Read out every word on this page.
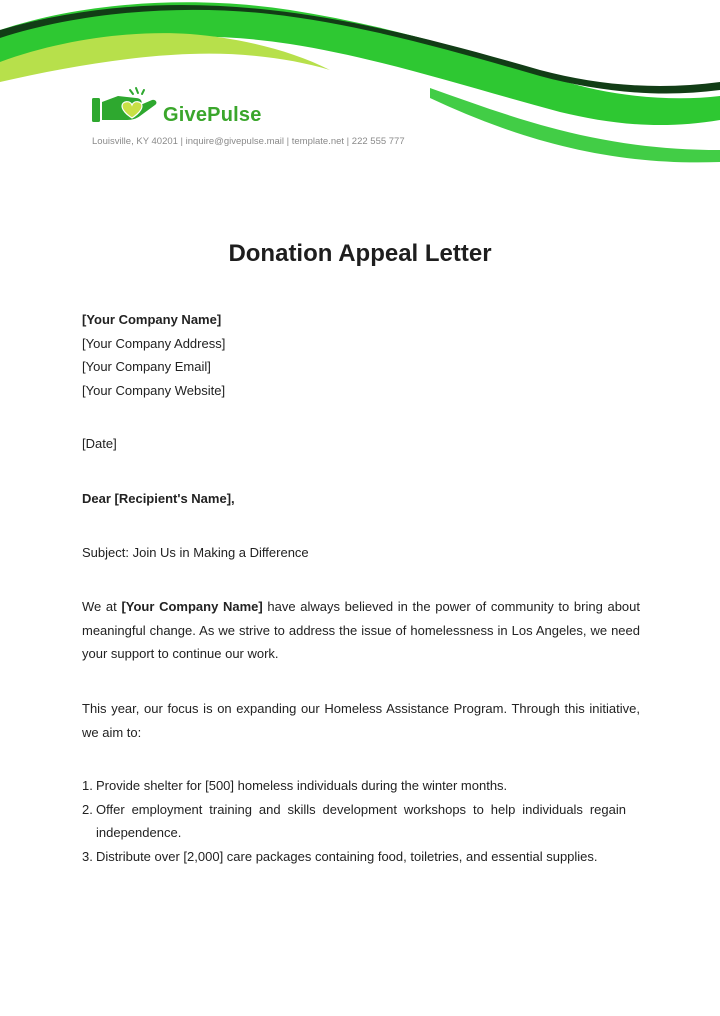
GivePulse
Louisville, KY 40201 | inquire@givepulse.mail | template.net | 222 555 777
Donation Appeal Letter
[Your Company Name]
[Your Company Address]
[Your Company Email]
[Your Company Website]
[Date]
Dear [Recipient's Name],
Subject: Join Us in Making a Difference

We at [Your Company Name] have always believed in the power of community to bring about meaningful change. As we strive to address the issue of homelessness in Los Angeles, we need your support to continue our work.

This year, our focus is on expanding our Homeless Assistance Program. Through this initiative, we aim to:

1. Provide shelter for [500] homeless individuals during the winter months.
2. Offer employment training and skills development workshops to help individuals regain independence.
3. Distribute over [2,000] care packages containing food, toiletries, and essential supplies.
